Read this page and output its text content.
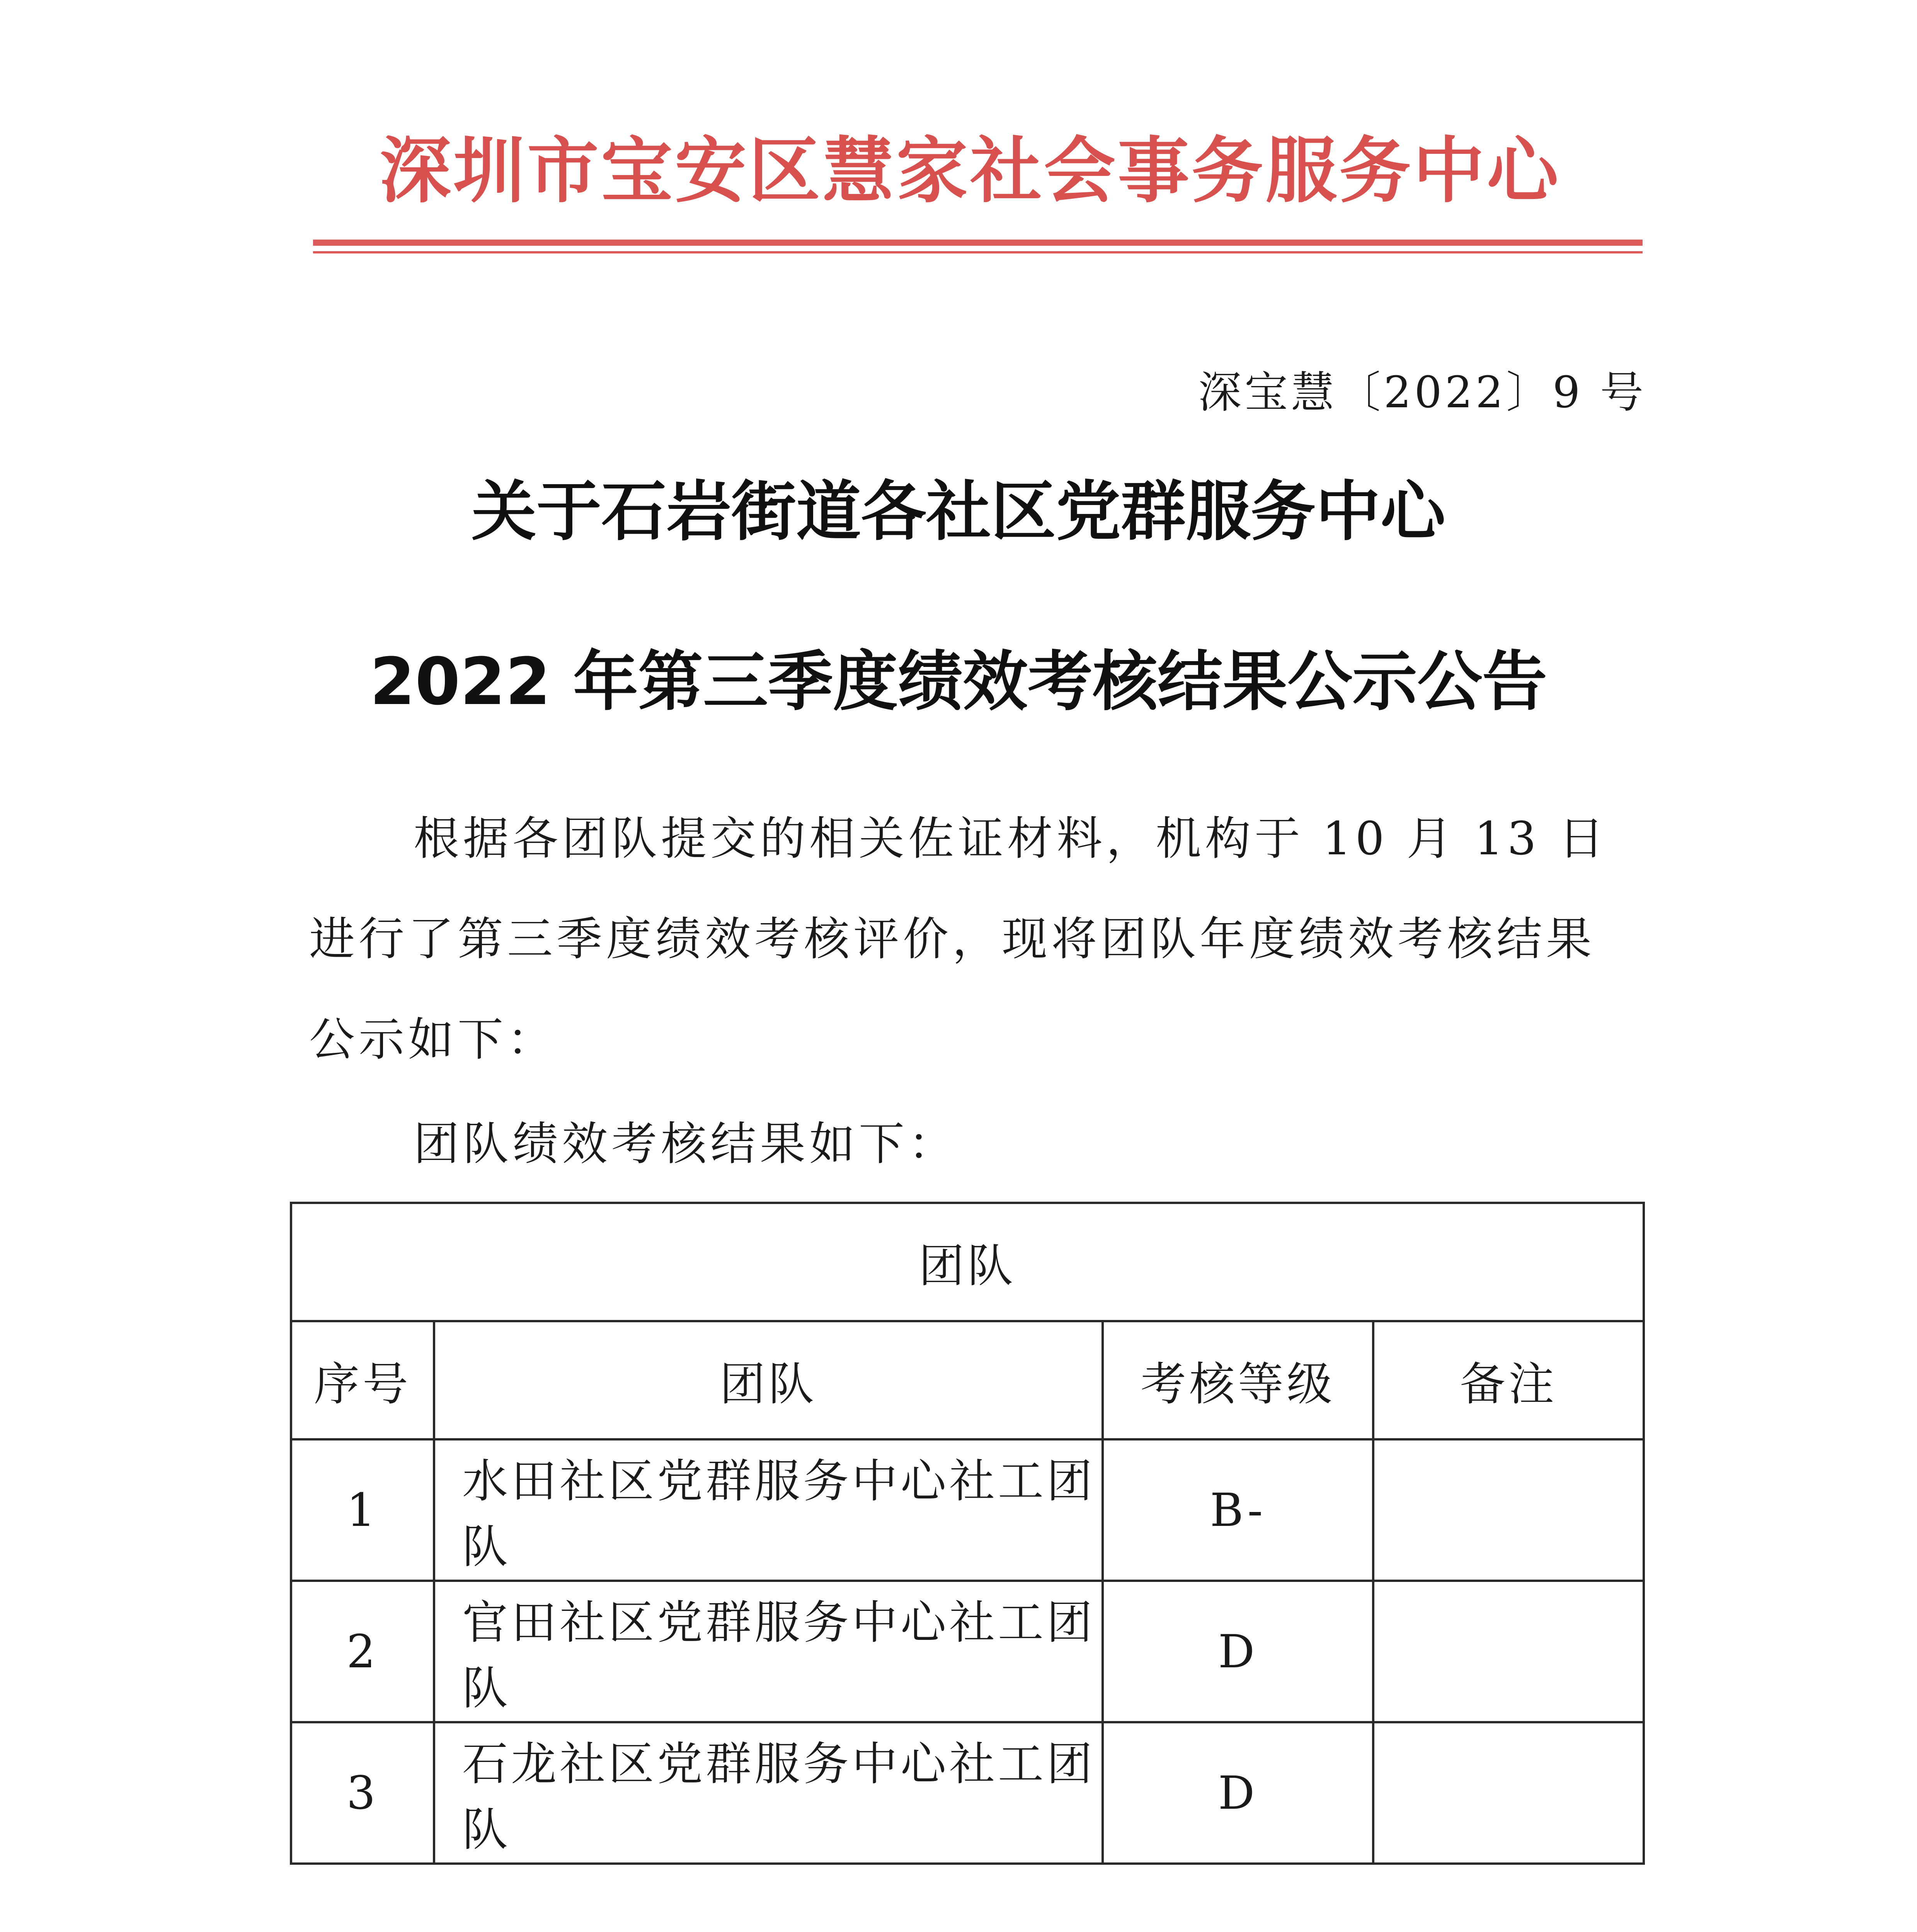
深圳市宝安区慧家社会事务服务中心
深宝慧〔2022〕9 号
关于石岩街道各社区党群服务中心
2022 年第三季度绩效考核结果公示公告
根据各团队提交的相关佐证材料，机构于 10 月 13 日进行了第三季度绩效考核评价，现将团队年度绩效考核结果公示如下：
团队绩效考核结果如下：
团队			
序号	团队	考核等级	备注
1	水田社区党群服务中心社工团队	B-	
2	官田社区党群服务中心社工团队	D	
3	石龙社区党群服务中心社工团队	D	
